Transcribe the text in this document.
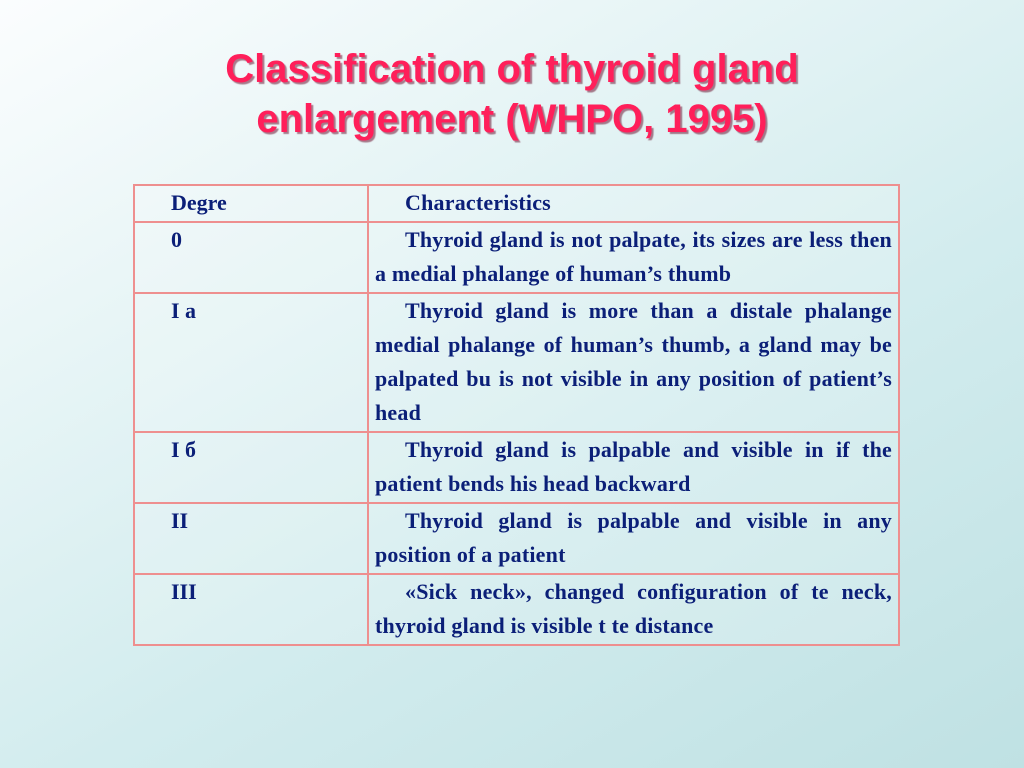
Classification of thyroid gland
enlargement (WHPO, 1995)
Degre	Characteristics
0	Thyroid gland is not palpate, its sizes are less then a medial phalange of human’s thumb
I a	Thyroid gland is more than a distale phalange medial phalange of human’s thumb, a gland may be palpated bu is not visible in any position of patient’s head
I б	Thyroid gland is palpable and visible in if the patient bends his head backward
II	Thyroid gland is palpable and visible in any position of a patient
III	«Sick neck», changed configuration of te neck, thyroid gland is visible t te distance
